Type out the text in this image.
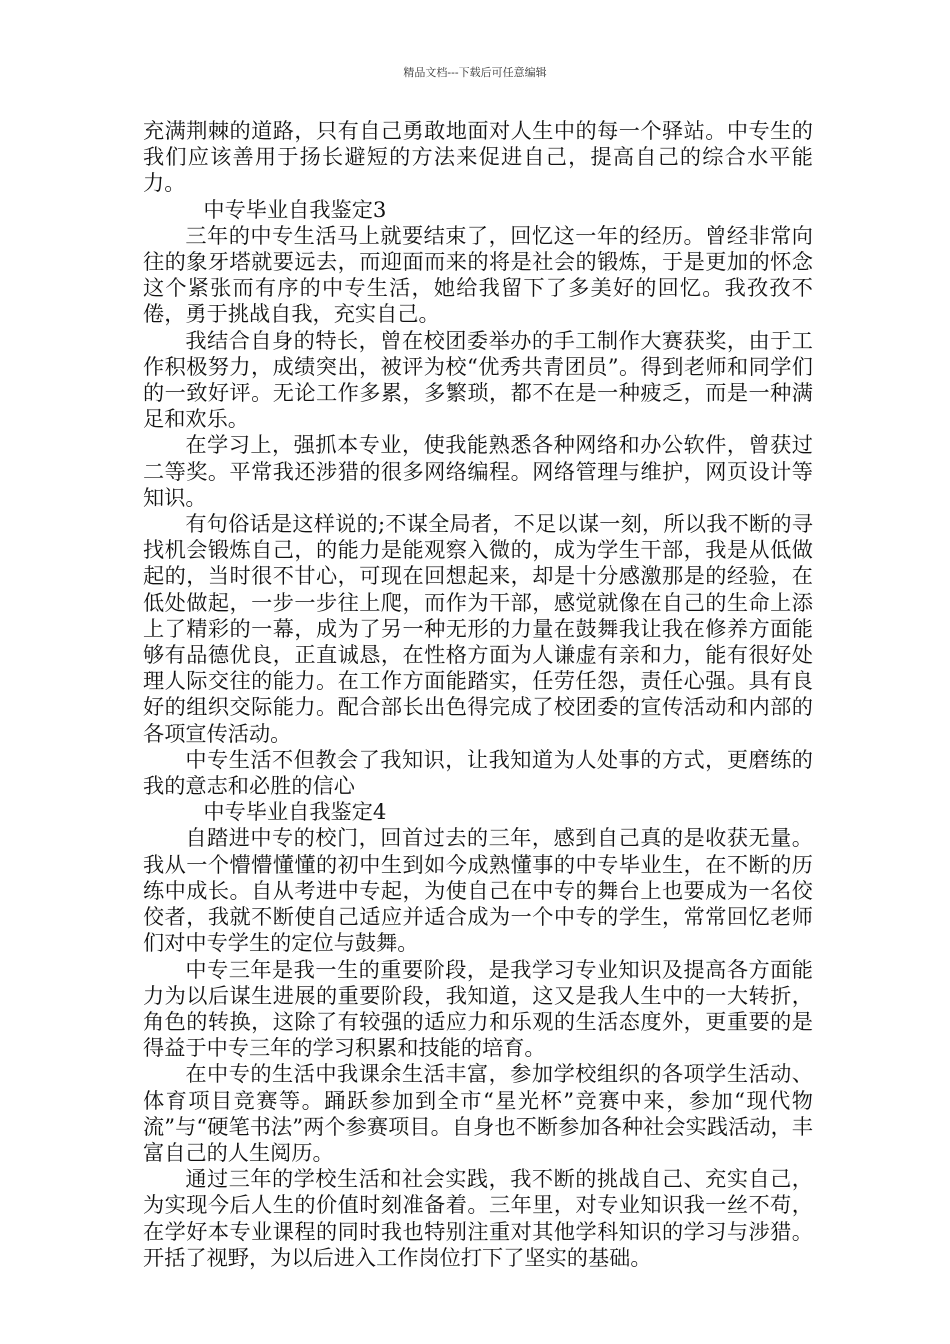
精品文档---下载后可任意编辑

充满荆棘的道路，只有自己勇敢地面对人生中的每一个驿站。中专生的我们应该善用于扬长避短的方法来促进自己，提高自己的综合水平能力。

中专毕业自我鉴定3

三年的中专生活马上就要结束了，回忆这一年的经历。曾经非常向往的象牙塔就要远去，而迎面而来的将是社会的锻炼，于是更加的怀念这个紧张而有序的中专生活，她给我留下了多美好的回忆。我孜孜不倦，勇于挑战自我，充实自己。

我结合自身的特长，曾在校团委举办的手工制作大赛获奖，由于工作积极努力，成绩突出，被评为校“优秀共青团员”。得到老师和同学们的一致好评。无论工作多累，多繁琐，都不在是一种疲乏，而是一种满足和欢乐。

在学习上，强抓本专业，使我能熟悉各种网络和办公软件，曾获过二等奖。平常我还涉猎的很多网络编程。网络管理与维护，网页设计等知识。

有句俗话是这样说的;不谋全局者，不足以谋一刻，所以我不断的寻找机会锻炼自己，的能力是能观察入微的，成为学生干部，我是从低做起的，当时很不甘心，可现在回想起来，却是十分感激那是的经验，在低处做起，一步一步往上爬，而作为干部，感觉就像在自己的生命上添上了精彩的一幕，成为了另一种无形的力量在鼓舞我让我在修养方面能够有品德优良，正直诚恳，在性格方面为人谦虚有亲和力，能有很好处理人际交往的能力。在工作方面能踏实，任劳任怨，责任心强。具有良好的组织交际能力。配合部长出色得完成了校团委的宣传活动和内部的各项宣传活动。

中专生活不但教会了我知识，让我知道为人处事的方式，更磨练的我的意志和必胜的信心

中专毕业自我鉴定4

自踏进中专的校门，回首过去的三年，感到自己真的是收获无量。我从一个懵懵懂懂的初中生到如今成熟懂事的中专毕业生，在不断的历练中成长。自从考进中专起，为使自己在中专的舞台上也要成为一名佼佼者，我就不断使自己适应并适合成为一个中专的学生，常常回忆老师们对中专学生的定位与鼓舞。

中专三年是我一生的重要阶段，是我学习专业知识及提高各方面能力为以后谋生进展的重要阶段，我知道，这又是我人生中的一大转折，角色的转换，这除了有较强的适应力和乐观的生活态度外，更重要的是得益于中专三年的学习积累和技能的培育。

在中专的生活中我课余生活丰富，参加学校组织的各项学生活动、体育项目竞赛等。踊跃参加到全市“星光杯”竞赛中来，参加“现代物流”与“硬笔书法”两个参赛项目。自身也不断参加各种社会实践活动，丰富自己的人生阅历。

通过三年的学校生活和社会实践，我不断的挑战自己、充实自己，为实现今后人生的价值时刻准备着。三年里，对专业知识我一丝不苟，在学好本专业课程的同时我也特别注重对其他学科知识的学习与涉猎。开括了视野，为以后进入工作岗位打下了坚实的基础。
